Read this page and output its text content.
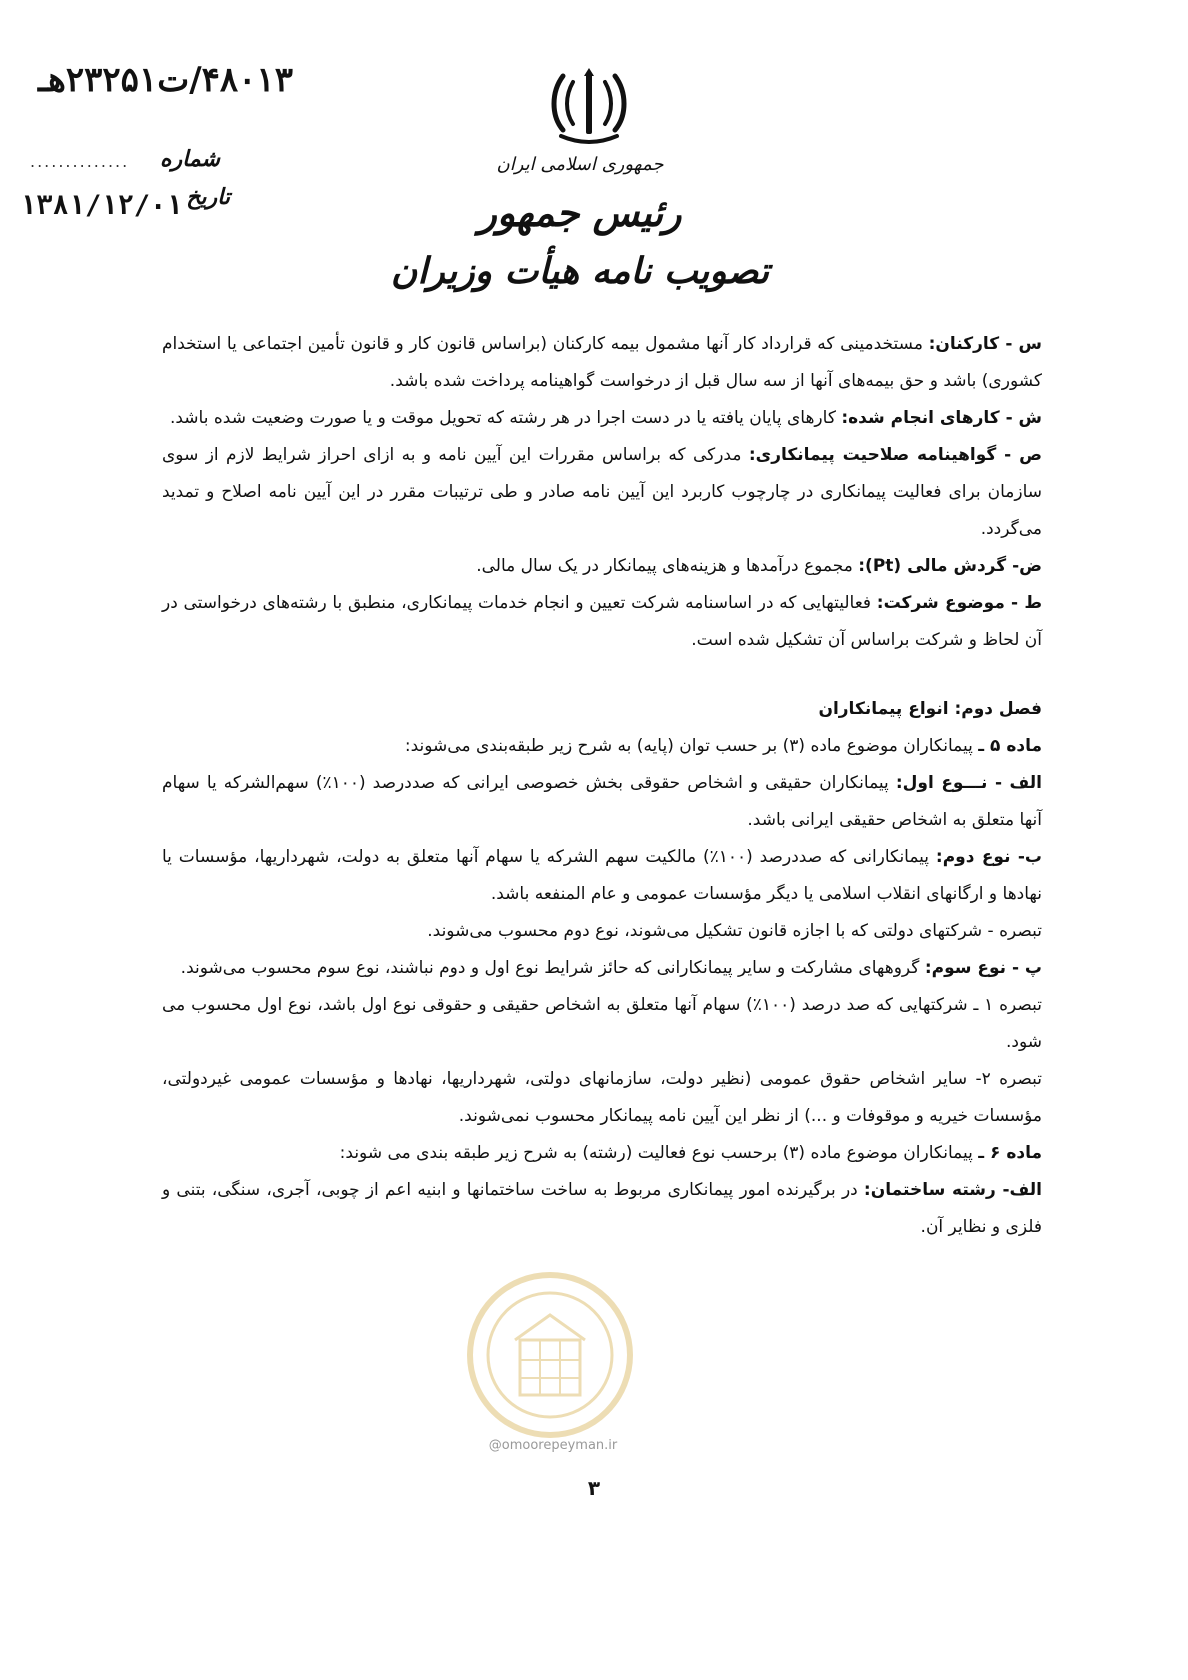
۴۸۰۱۳/ت۲۳۲۵۱هـ
شماره
..............
تاریخ
۱۳۸۱/۱۲/۰۱
جمهوری اسلامی ایران
رئیس جمهور
تصویب نامه هیأت وزیران

س - کارکنان: مستخدمینی که قرارداد کار آنها مشمول بیمه کارکنان (براساس قانون کار و قانون تأمین اجتماعی یا استخدام کشوری) باشد و حق بیمه‌های آنها از سه سال قبل از درخواست گواهینامه پرداخت شده باشد.

ش - کارهای انجام شده: کارهای پایان یافته یا در دست اجرا در هر رشته که تحویل موقت و یا صورت وضعیت شده باشد.

ص - گواهینامه صلاحیت پیمانکاری: مدرکی که براساس مقررات این آیین نامه و به ازای احراز شرایط لازم از سوی سازمان برای فعالیت پیمانکاری در چارچوب کاربرد این آیین نامه صادر و طی ترتیبات مقرر در این آیین نامه اصلاح و تمدید می‌گردد.

ض- گردش مالی (Pt): مجموع درآمدها و هزینه‌های پیمانکار در یک سال مالی.

ط - موضوع شرکت: فعالیتهایی که در اساسنامه شرکت تعیین و انجام خدمات پیمانکاری، منطبق با رشته‌های درخواستی در آن لحاظ و شرکت براساس آن تشکیل شده است.

فصل دوم: انواع پیمانکاران

ماده ۵ ـ پیمانکاران موضوع ماده (۳) بر حسب توان (پایه) به شرح زیر طبقه‌بندی می‌شوند:

الف - نـــوع اول: پیمانکاران حقیقی و اشخاص حقوقی بخش خصوصی ایرانی که صددرصد (۱۰۰٪) سهم‌الشرکه یا سهام آنها متعلق به اشخاص حقیقی ایرانی باشد.

ب- نوع دوم: پیمانکارانی که صددرصد (۱۰۰٪) مالکیت سهم الشرکه یا سهام آنها متعلق به دولت، شهرداریها، مؤسسات یا نهادها و ارگانهای انقلاب اسلامی یا دیگر مؤسسات عمومی و عام المنفعه باشد.

تبصره - شرکتهای دولتی که با اجازه قانون تشکیل می‌شوند، نوع دوم محسوب می‌شوند.

پ - نوع سوم: گروههای مشارکت و سایر پیمانکارانی که حائز شرایط نوع اول و دوم نباشند، نوع سوم محسوب می‌شوند.

تبصره ۱ ـ شرکتهایی که صد درصد (۱۰۰٪) سهام آنها متعلق به اشخاص حقیقی و حقوقی نوع اول باشد، نوع اول محسوب می شود.

تبصره ۲- سایر اشخاص حقوق عمومی (نظیر دولت، سازمانهای دولتی، شهرداریها، نهادها و مؤسسات عمومی غیردولتی، مؤسسات خیریه و موقوفات و ...) از نظر این آیین نامه پیمانکار محسوب نمی‌شوند.

ماده ۶ ـ پیمانکاران موضوع ماده (۳) برحسب نوع فعالیت (رشته) به شرح زیر طبقه بندی می شوند:

الف- رشته ساختمان: در برگیرنده امور پیمانکاری مربوط به ساخت ساختمانها و ابنیه اعم از چوبی، آجری، سنگی، بتنی و فلزی و نظایر آن.

@omoorepeyman.ir
۳
